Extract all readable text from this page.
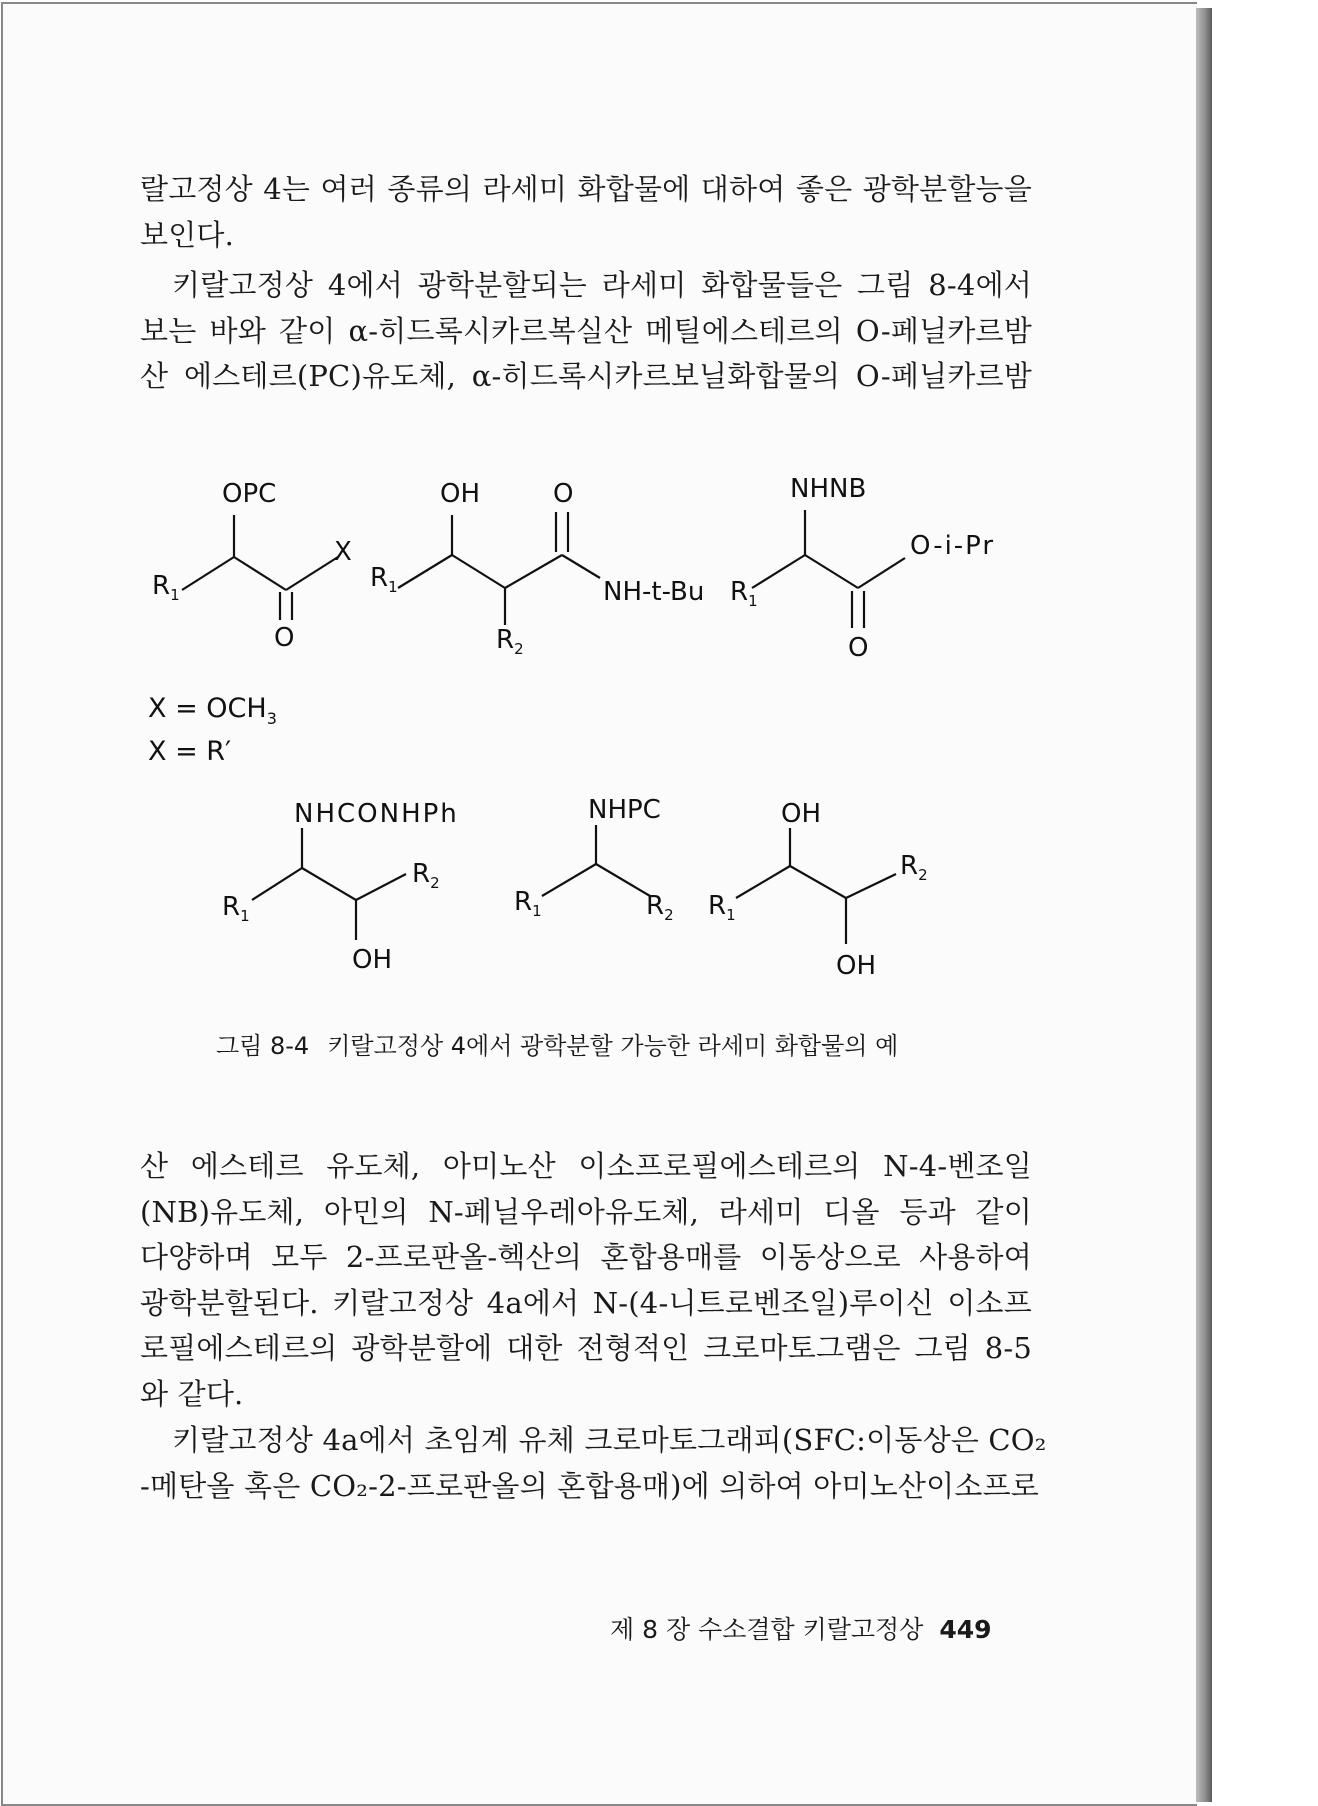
랄고정상 4는 여러 종류의 라세미 화합물에 대하여 좋은 광학분할능을
보인다.
키랄고정상 4에서 광학분할되는 라세미 화합물들은 그림 8-4에서
보는 바와 같이 α-히드록시카르복실산 메틸에스테르의 O-페닐카르밤
산 에스테르(PC)유도체, α-히드록시카르보닐화합물의 O-페닐카르밤
OPC
X
O
$R_1$
OH	O
NH-t-Bu
$R_1$
$R_2$
NHNB
O-i-Pr
O
$R_1$
$X = OCH_3$
X = R′
NHCONHPh
OH
$R_1$
$R_2$
NHPC
$R_1$	$R_2$
OH
OH
$R_1$
$R_2$
그림 8-4 키랄고정상 4에서 광학분할 가능한 라세미 화합물의 예
산 에스테르 유도체, 아미노산 이소프로필에스테르의 N-4-벤조일
(NB)유도체, 아민의 N-페닐우레아유도체, 라세미 디올 등과 같이
다양하며 모두 2-프로판올-헥산의 혼합용매를 이동상으로 사용하여
광학분할된다. 키랄고정상 4a에서 N-(4-니트로벤조일)루이신 이소프
로필에스테르의 광학분할에 대한 전형적인 크로마토그램은 그림 8-5
와 같다.
키랄고정상 4a에서 초임계 유체 크로마토그래피(SFC:이동상은 CO₂
-메탄올 혹은 CO₂-2-프로판올의 혼합용매)에 의하여 아미노산이소프로
제 8 장 수소결합 키랄고정상 449
